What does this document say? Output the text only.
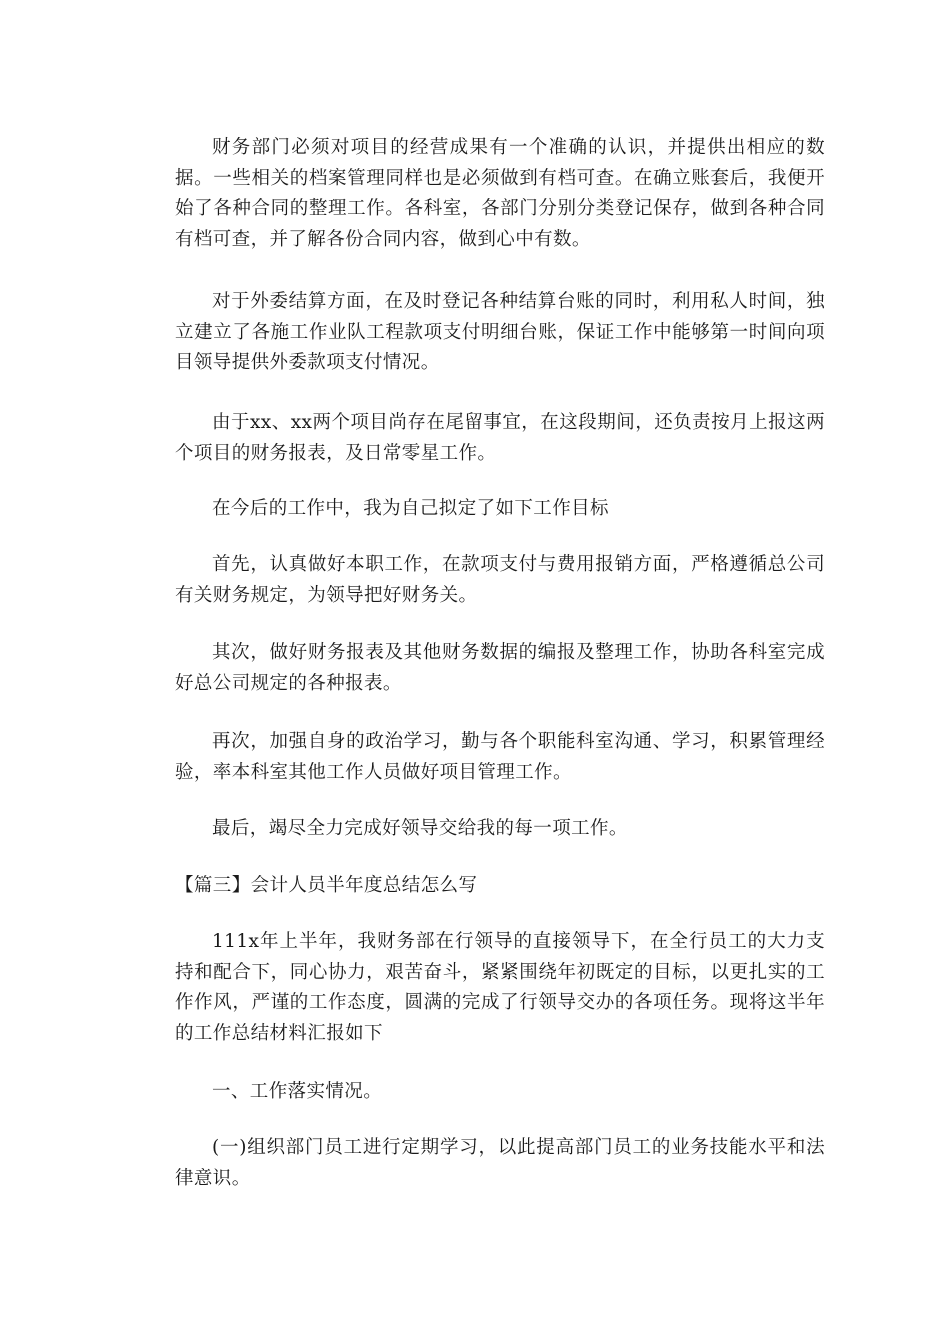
财务部门必须对项目的经营成果有一个准确的认识，并提供出相应的数据。一些相关的档案管理同样也是必须做到有档可查。在确立账套后，我便开始了各种合同的整理工作。各科室，各部门分别分类登记保存，做到各种合同有档可查，并了解各份合同内容，做到心中有数。

对于外委结算方面，在及时登记各种结算台账的同时，利用私人时间，独立建立了各施工作业队工程款项支付明细台账，保证工作中能够第一时间向项目领导提供外委款项支付情况。

由于xx、xx两个项目尚存在尾留事宜，在这段期间，还负责按月上报这两个项目的财务报表，及日常零星工作。

在今后的工作中，我为自己拟定了如下工作目标

首先，认真做好本职工作，在款项支付与费用报销方面，严格遵循总公司有关财务规定，为领导把好财务关。

其次，做好财务报表及其他财务数据的编报及整理工作，协助各科室完成好总公司规定的各种报表。

再次，加强自身的政治学习，勤与各个职能科室沟通、学习，积累管理经验，率本科室其他工作人员做好项目管理工作。

最后，竭尽全力完成好领导交给我的每一项工作。

【篇三】会计人员半年度总结怎么写

111x年上半年，我财务部在行领导的直接领导下，在全行员工的大力支持和配合下，同心协力，艰苦奋斗，紧紧围绕年初既定的目标，以更扎实的工作作风，严谨的工作态度，圆满的完成了行领导交办的各项任务。现将这半年的工作总结材料汇报如下

一、工作落实情况。

(一)组织部门员工进行定期学习，以此提高部门员工的业务技能水平和法律意识。
